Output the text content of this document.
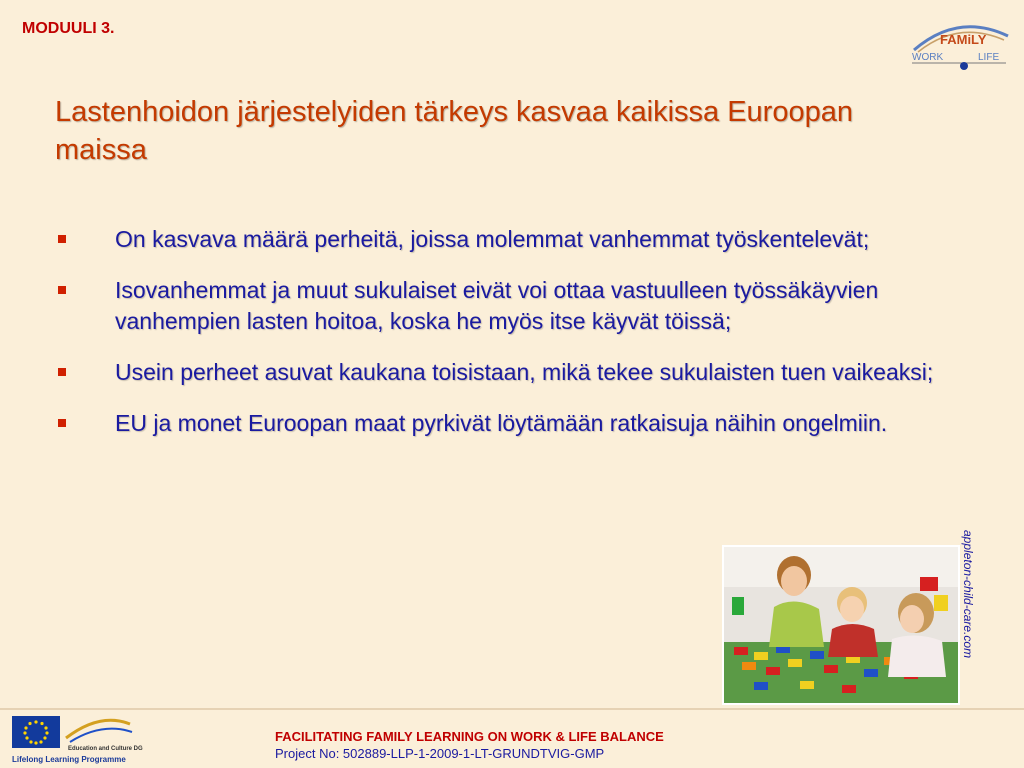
MODUULI 3.
FAMiLY
WORK	LIFE
Lastenhoidon järjestelyiden tärkeys kasvaa kaikissa Euroopan maissa
On kasvava määrä perheitä, joissa molemmat vanhemmat työskentelevät;
Isovanhemmat ja muut sukulaiset eivät voi ottaa vastuulleen työssäkäyvien vanhempien lasten hoitoa, koska he myös itse käyvät töissä;
Usein perheet asuvat kaukana toisistaan, mikä tekee sukulaisten tuen vaikeaksi;
EU ja monet Euroopan maat pyrkivät löytämään ratkaisuja näihin ongelmiin.
appleton-child-care.com
Education and Culture DG
Lifelong Learning Programme
FACILITATING FAMILY LEARNING ON WORK & LIFE BALANCE
Project No: 502889-LLP-1-2009-1-LT-GRUNDTVIG-GMP
